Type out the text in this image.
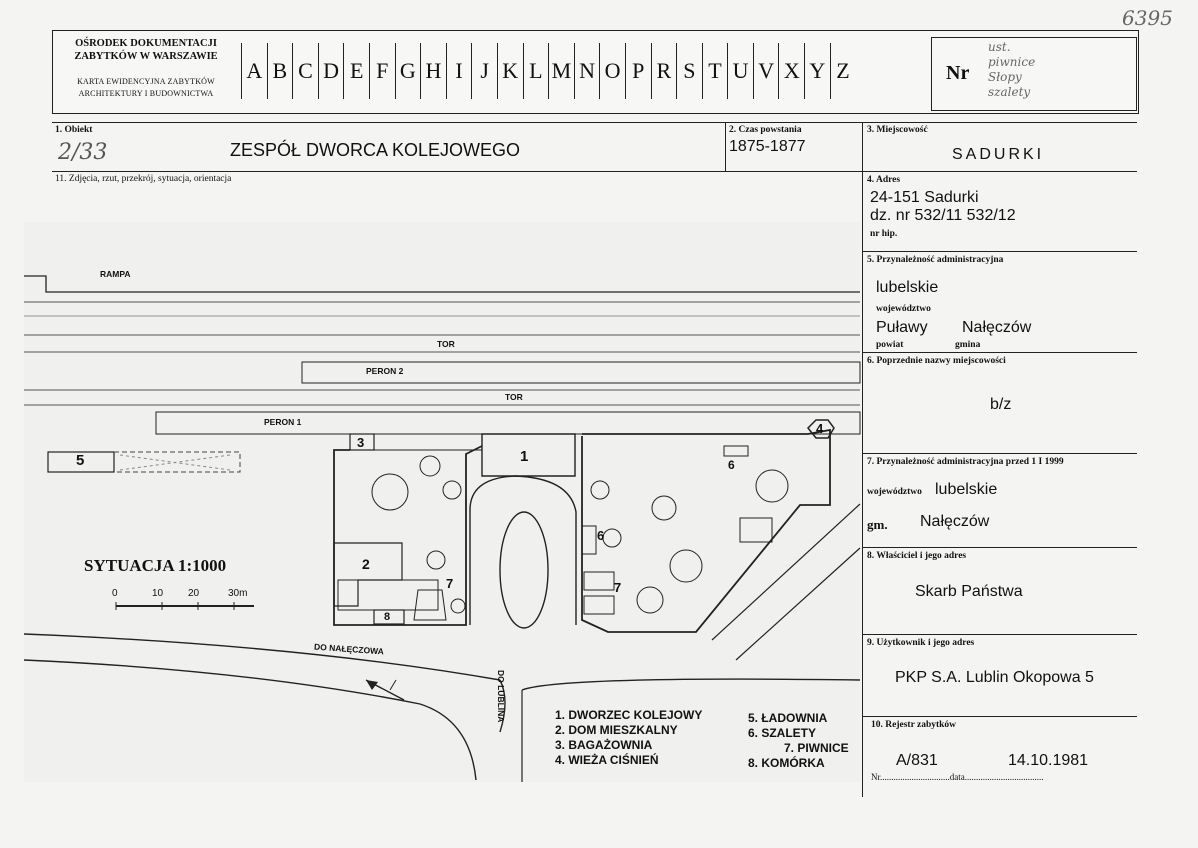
6395
OŚRODEK DOKUMENTACJI
ZABYTKÓW W WARSZAWIE
KARTA EWIDENCYJNA ZABYTKÓW
ARCHITEKTURY I BUDOWNICTWA
A B C D E F G H I J K L M N O P R S T U V X Y Z	Nr
ust.
piwnice
Słopy
szalety
1. Obiekt
2/33	ZESPÓŁ DWORCA KOLEJOWEGO
2. Czas powstania
1875-1877
3. Miejscowość
SADURKI
11. Zdjęcia, rzut, przekrój, sytuacja, orientacja	4. Adres
24-151 Sadurki
dz. nr 532/11 532/12
nr hip.
5. Przynależność administracyjna
lubelskie
województwo
Puławy Nałęczów
powiat	gmina
6. Poprzednie nazwy miejscowości
b/z
7. Przynależność administracyjna przed 1 I 1999
województwo lubelskie
gm. Nałęczów
8. Właściciel i jego adres
Skarb Państwa
9. Użytkownik i jego adres
PKP S.A. Lublin Okopowa 5
10. Rejestr zabytków
A/831	14.10.1981
Nr...............................data...................................
RAMPA
TOR
PERON 2
TOR
PERON 1
DO NAŁĘCZOWA
DO LUBLINA
SYTUACJA 1:1000
0	10 20	30m
1
2
3
4
5	6
6
7	7
8
1. DWORZEC KOLEJOWY
2. DOM MIESZKALNY
3. BAGAŻOWNIA
4. WIEŻA CIŚNIEŃ
5. ŁADOWNIA
6. SZALETY
7. PIWNICE
8. KOMÓRKA
